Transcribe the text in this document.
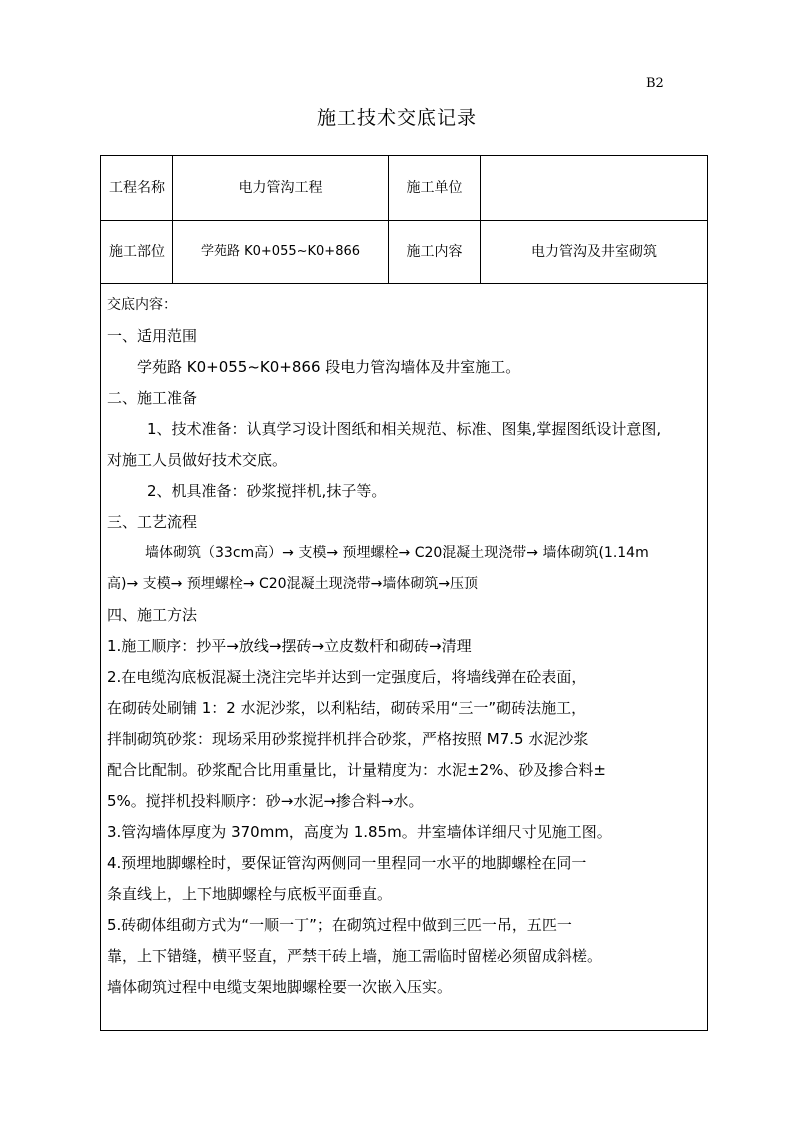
B2
施工技术交底记录
工程名称	电力管沟工程	施工单位
施工部位	学苑路 K0+055~K0+866	施工内容	电力管沟及井室砌筑
交底内容：
一、适用范围
学苑路 K0+055~K0+866 段电力管沟墙体及井室施工。
二、施工准备
1、技术准备：认真学习设计图纸和相关规范、标准、图集,掌握图纸设计意图,
对施工人员做好技术交底。
2、机具准备：砂浆搅拌机,抹子等。
三、工艺流程
墙体砌筑（33cm高）→ 支模→ 预埋螺栓→ C20混凝土现浇带→ 墙体砌筑(1.14m
高)→ 支模→ 预埋螺栓→ C20混凝土现浇带→墙体砌筑→压顶
四、施工方法
1.施工顺序：抄平→放线→摆砖→立皮数杆和砌砖→清理
2.在电缆沟底板混凝土浇注完毕并达到一定强度后，将墙线弹在砼表面，
在砌砖处刷铺 1：2 水泥沙浆，以利粘结，砌砖采用“三一”砌砖法施工，
拌制砌筑砂浆：现场采用砂浆搅拌机拌合砂浆，严格按照 M7.5 水泥沙浆
配合比配制。砂浆配合比用重量比，计量精度为：水泥±2%、砂及掺合料±
5%。搅拌机投料顺序：砂→水泥→掺合料→水。
3.管沟墙体厚度为 370mm，高度为 1.85m。井室墙体详细尺寸见施工图。
4.预埋地脚螺栓时，要保证管沟两侧同一里程同一水平的地脚螺栓在同一
条直线上，上下地脚螺栓与底板平面垂直。
5.砖砌体组砌方式为“一顺一丁”；在砌筑过程中做到三匹一吊，五匹一
靠，上下错缝，横平竖直，严禁干砖上墙，施工需临时留槎必须留成斜槎。
墙体砌筑过程中电缆支架地脚螺栓要一次嵌入压实。
